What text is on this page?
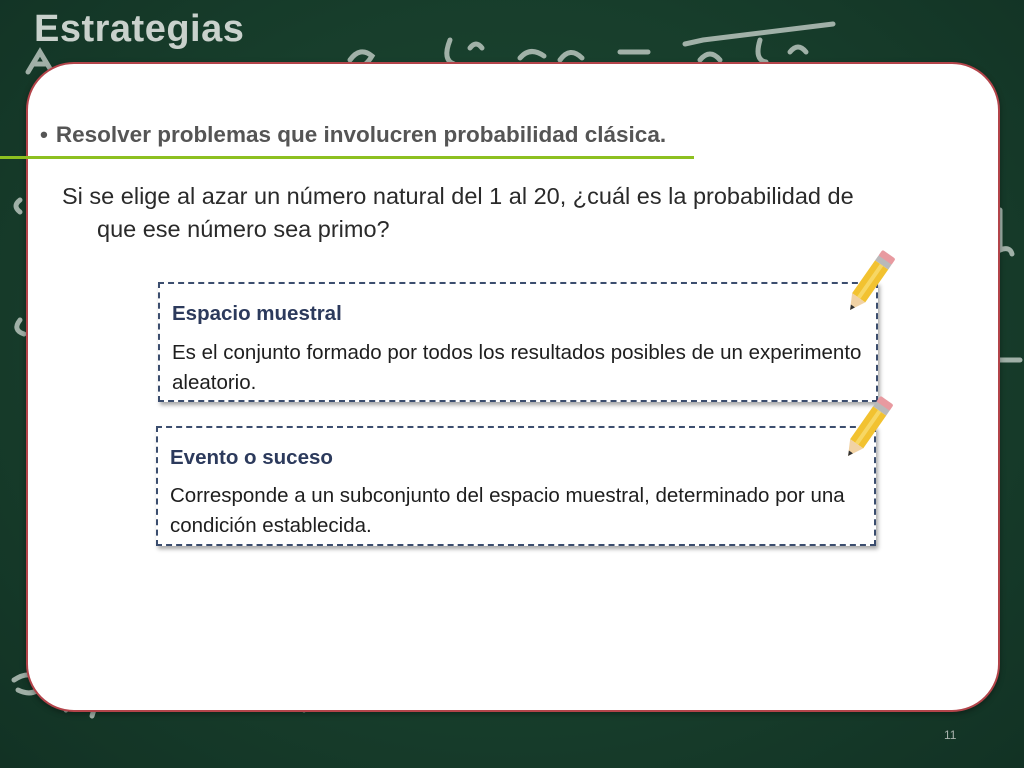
Estrategias
• Resolver problemas que involucren probabilidad clásica.
Si se elige al azar un número natural del 1 al 20, ¿cuál es la probabilidad de que ese número sea primo?
Espacio muestral
Es el conjunto formado por todos los resultados posibles de un experimento aleatorio.
Evento o suceso
Corresponde a un subconjunto del espacio muestral, determinado por una condición establecida.
11
